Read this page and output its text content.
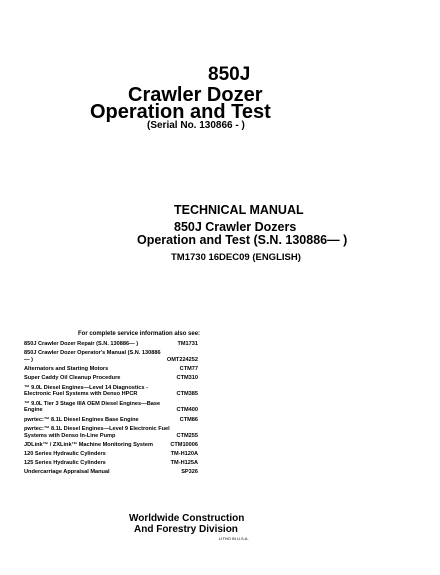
850J
Crawler Dozer
Operation and Test
(Serial No. 130866 - )
TECHNICAL MANUAL
850J Crawler Dozers
Operation and Test (S.N. 130886— )
TM1730 16DEC09 (ENGLISH)
For complete service information also see:
850J Crawler Dozer Repair (S.N. 130886— )	TM1731
850J Crawler Dozer Operator's Manual (S.N. 130886— )	OMT224252
Alternators and Starting Motors	CTM77
Super Caddy Oil Cleanup Procedure	CTM310
™ 9.0L Diesel Engines—Level 14 Diagnostics - Electronic Fuel Systems with Denso HPCR	CTM385
™ 9.0L Tier 3 Stage IIIA OEM Diesel Engines—Base Engine	CTM400
pwrtec:™ 8.1L Diesel Engines Base Engine	CTM86
pwrtec:™ 8.1L Diesel Engines—Level 9 Electronic Fuel Systems with Denso In-Line Pump	CTM255
JDLink™ / ZXLink™ Machine Monitoring System	CTM10006
120 Series Hydraulic Cylinders	TM-H120A
125 Series Hydraulic Cylinders	TM-H125A
Undercarriage Appraisal Manual	SP326
Worldwide Construction
And Forestry Division
LITHO IN U.S.A.
